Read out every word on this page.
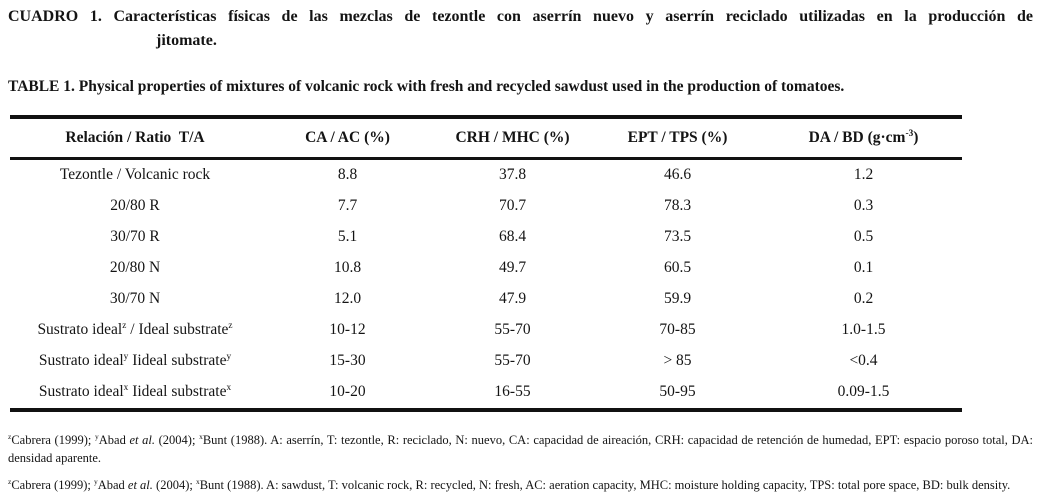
CUADRO 1. Características físicas de las mezclas de tezontle con aserrín nuevo y aserrín reciclado utilizadas en la producción de
jitomate.
TABLE 1. Physical properties of mixtures of volcanic rock with fresh and recycled sawdust used in the production of tomatoes.
Relación / Ratio  T/A	CA / AC (%)	CRH / MHC (%)	EPT / TPS (%)	DA / BD $(g\cdot cm^{-3})$
Tezontle / Volcanic rock	8.8	37.8	46.6	1.2
20/80 R	7.7	70.7	78.3	0.3
30/70 R	5.1	68.4	73.5	0.5
20/80 N	10.8	49.7	60.5	0.1
30/70 N	12.0	47.9	59.9	0.2
Sustrato ideal$^z$ / Ideal substrate$^z$	10-12	55-70	70-85	1.0-1.5
Sustrato ideal$^y$ Iideal substrate$^y$	15-30	55-70	> 85	<0.4
Sustrato ideal$^x$ Iideal substrate$^x$	10-20	16-55	50-95	0.09-1.5
$^z$Cabrera (1999); $^y$Abad et al. (2004); $^x$Bunt (1988). A: aserrín, T: tezontle, R: reciclado, N: nuevo, CA: capacidad de aireación, CRH: capacidad de retención de humedad, EPT: espacio poroso total, DA: densidad aparente.
$^z$Cabrera (1999); $^y$Abad et al. (2004); $^x$Bunt (1988). A: sawdust, T: volcanic rock, R: recycled, N: fresh, AC: aeration capacity, MHC: moisture holding capacity, TPS: total pore space, BD: bulk density.
